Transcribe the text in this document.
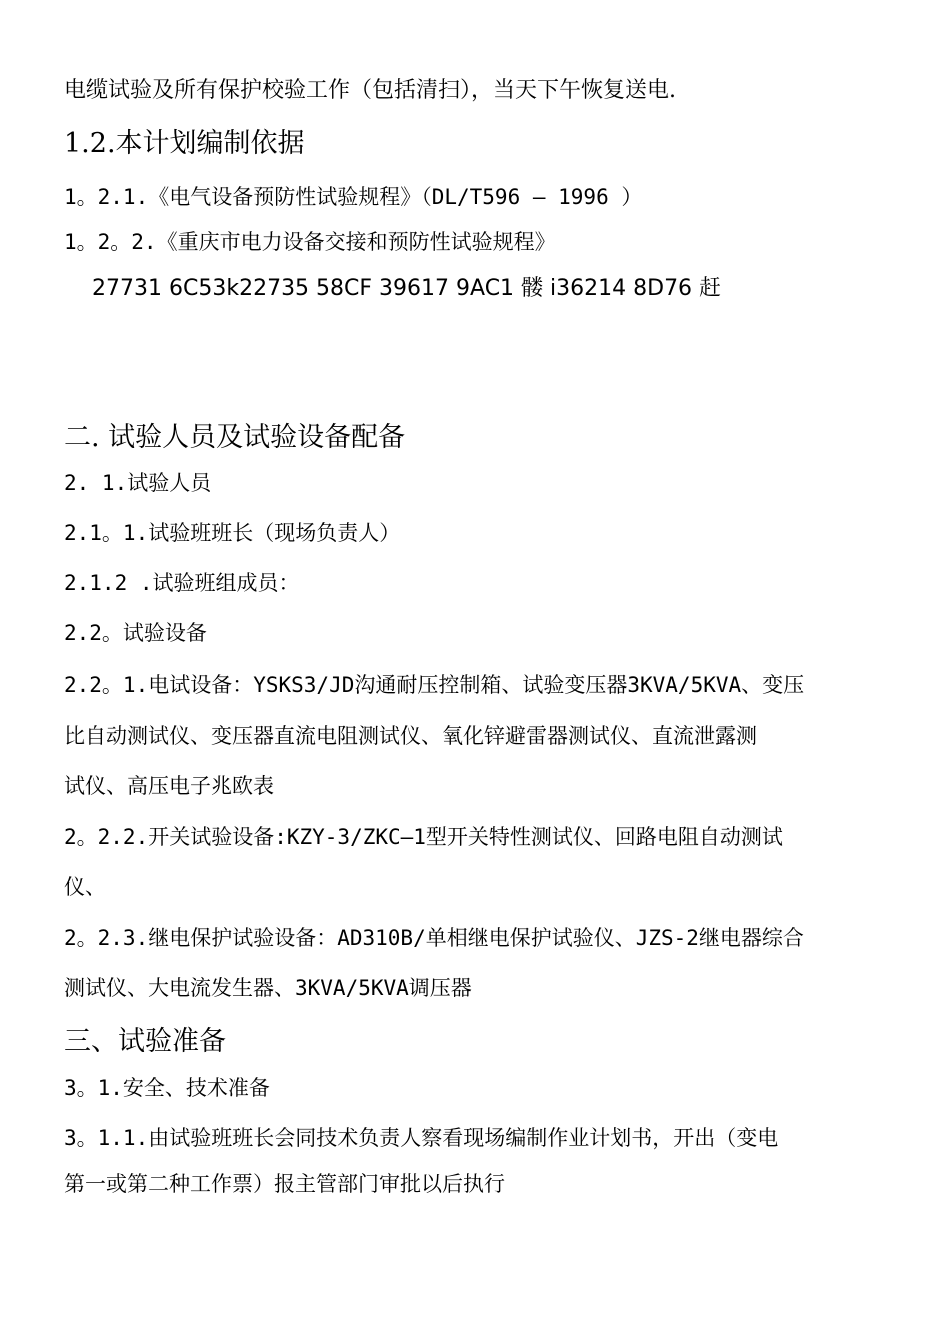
电缆试验及所有保护校验工作（包括清扫），当天下午恢复送电.
1.2.本计划编制依据
1。2.1.《电气设备预防性试验规程》（DL/T596 — 1996 ）
1。2。2.《重庆市电力设备交接和预防性试验规程》
27731 6C53k22735 58CF 39617 9AC1 髅 i36214 8D76 赶
二. 试验人员及试验设备配备
2. 1.试验人员
2.1。1.试验班班长（现场负责人）
2.1.2 .试验班组成员：
2.2。试验设备
2.2。1.电试设备：YSKS3/JD沟通耐压控制箱、试验变压器3KVA/5KVA、变压
比自动测试仪、变压器直流电阻测试仪、氧化锌避雷器测试仪、直流泄露测
试仪、高压电子兆欧表
2。2.2.开关试验设备:KZY-3/ZKC—1型开关特性测试仪、回路电阻自动测试
仪、
2。2.3.继电保护试验设备：AD310B/单相继电保护试验仪、JZS-2继电器综合
测试仪、大电流发生器、3KVA/5KVA调压器
三、试验准备
3。1.安全、技术准备
3。1.1.由试验班班长会同技术负责人察看现场编制作业计划书，开出（变电
第一或第二种工作票）报主管部门审批以后执行
